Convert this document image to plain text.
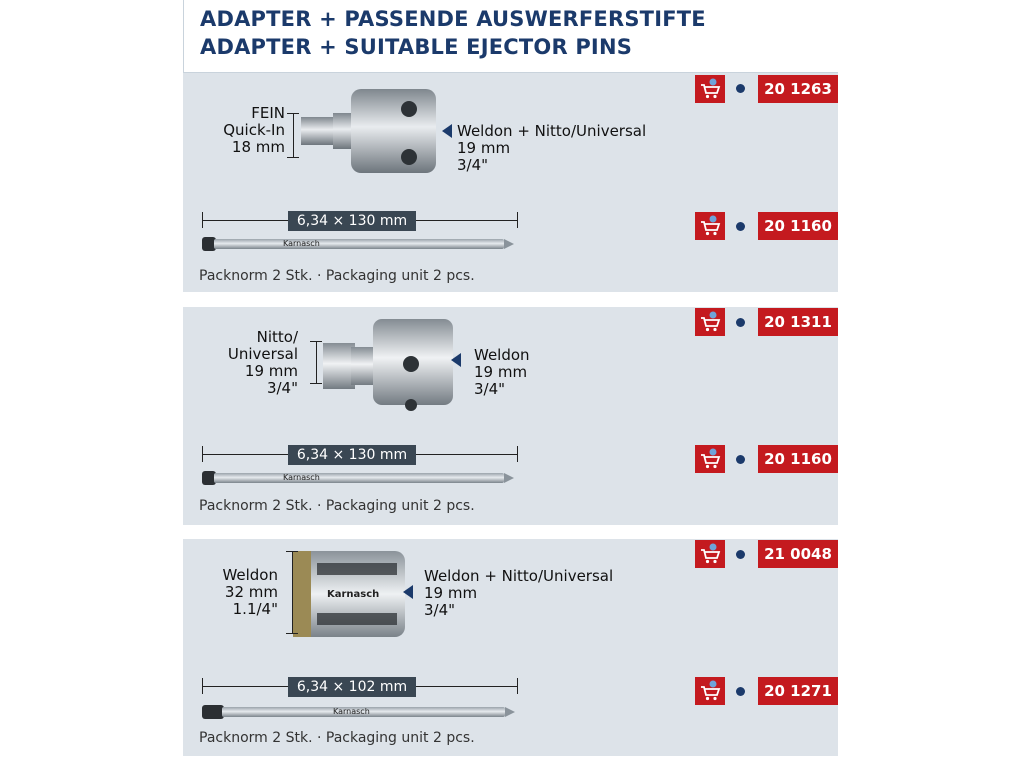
ADAPTER + PASSENDE AUSWERFERSTIFTE
ADAPTER + SUITABLE EJECTOR PINS
FEIN
Quick-In
18 mm
Weldon + Nitto/Universal
19 mm
3/4"
6,34 × 130 mm
Karnasch
Packnorm 2 Stk. · Packaging unit 2 pcs.
Nitto/
Universal
19 mm
3/4"
Weldon
19 mm
3/4"
6,34 × 130 mm
Karnasch
Packnorm 2 Stk. · Packaging unit 2 pcs.
Karnasch
Weldon
32 mm
1.1/4"
Weldon + Nitto/Universal
19 mm
3/4"
6,34 × 102 mm
Karnasch
Packnorm 2 Stk. · Packaging unit 2 pcs.
20 1263
20 1160
20 1311
20 1160
21 0048
20 1271
